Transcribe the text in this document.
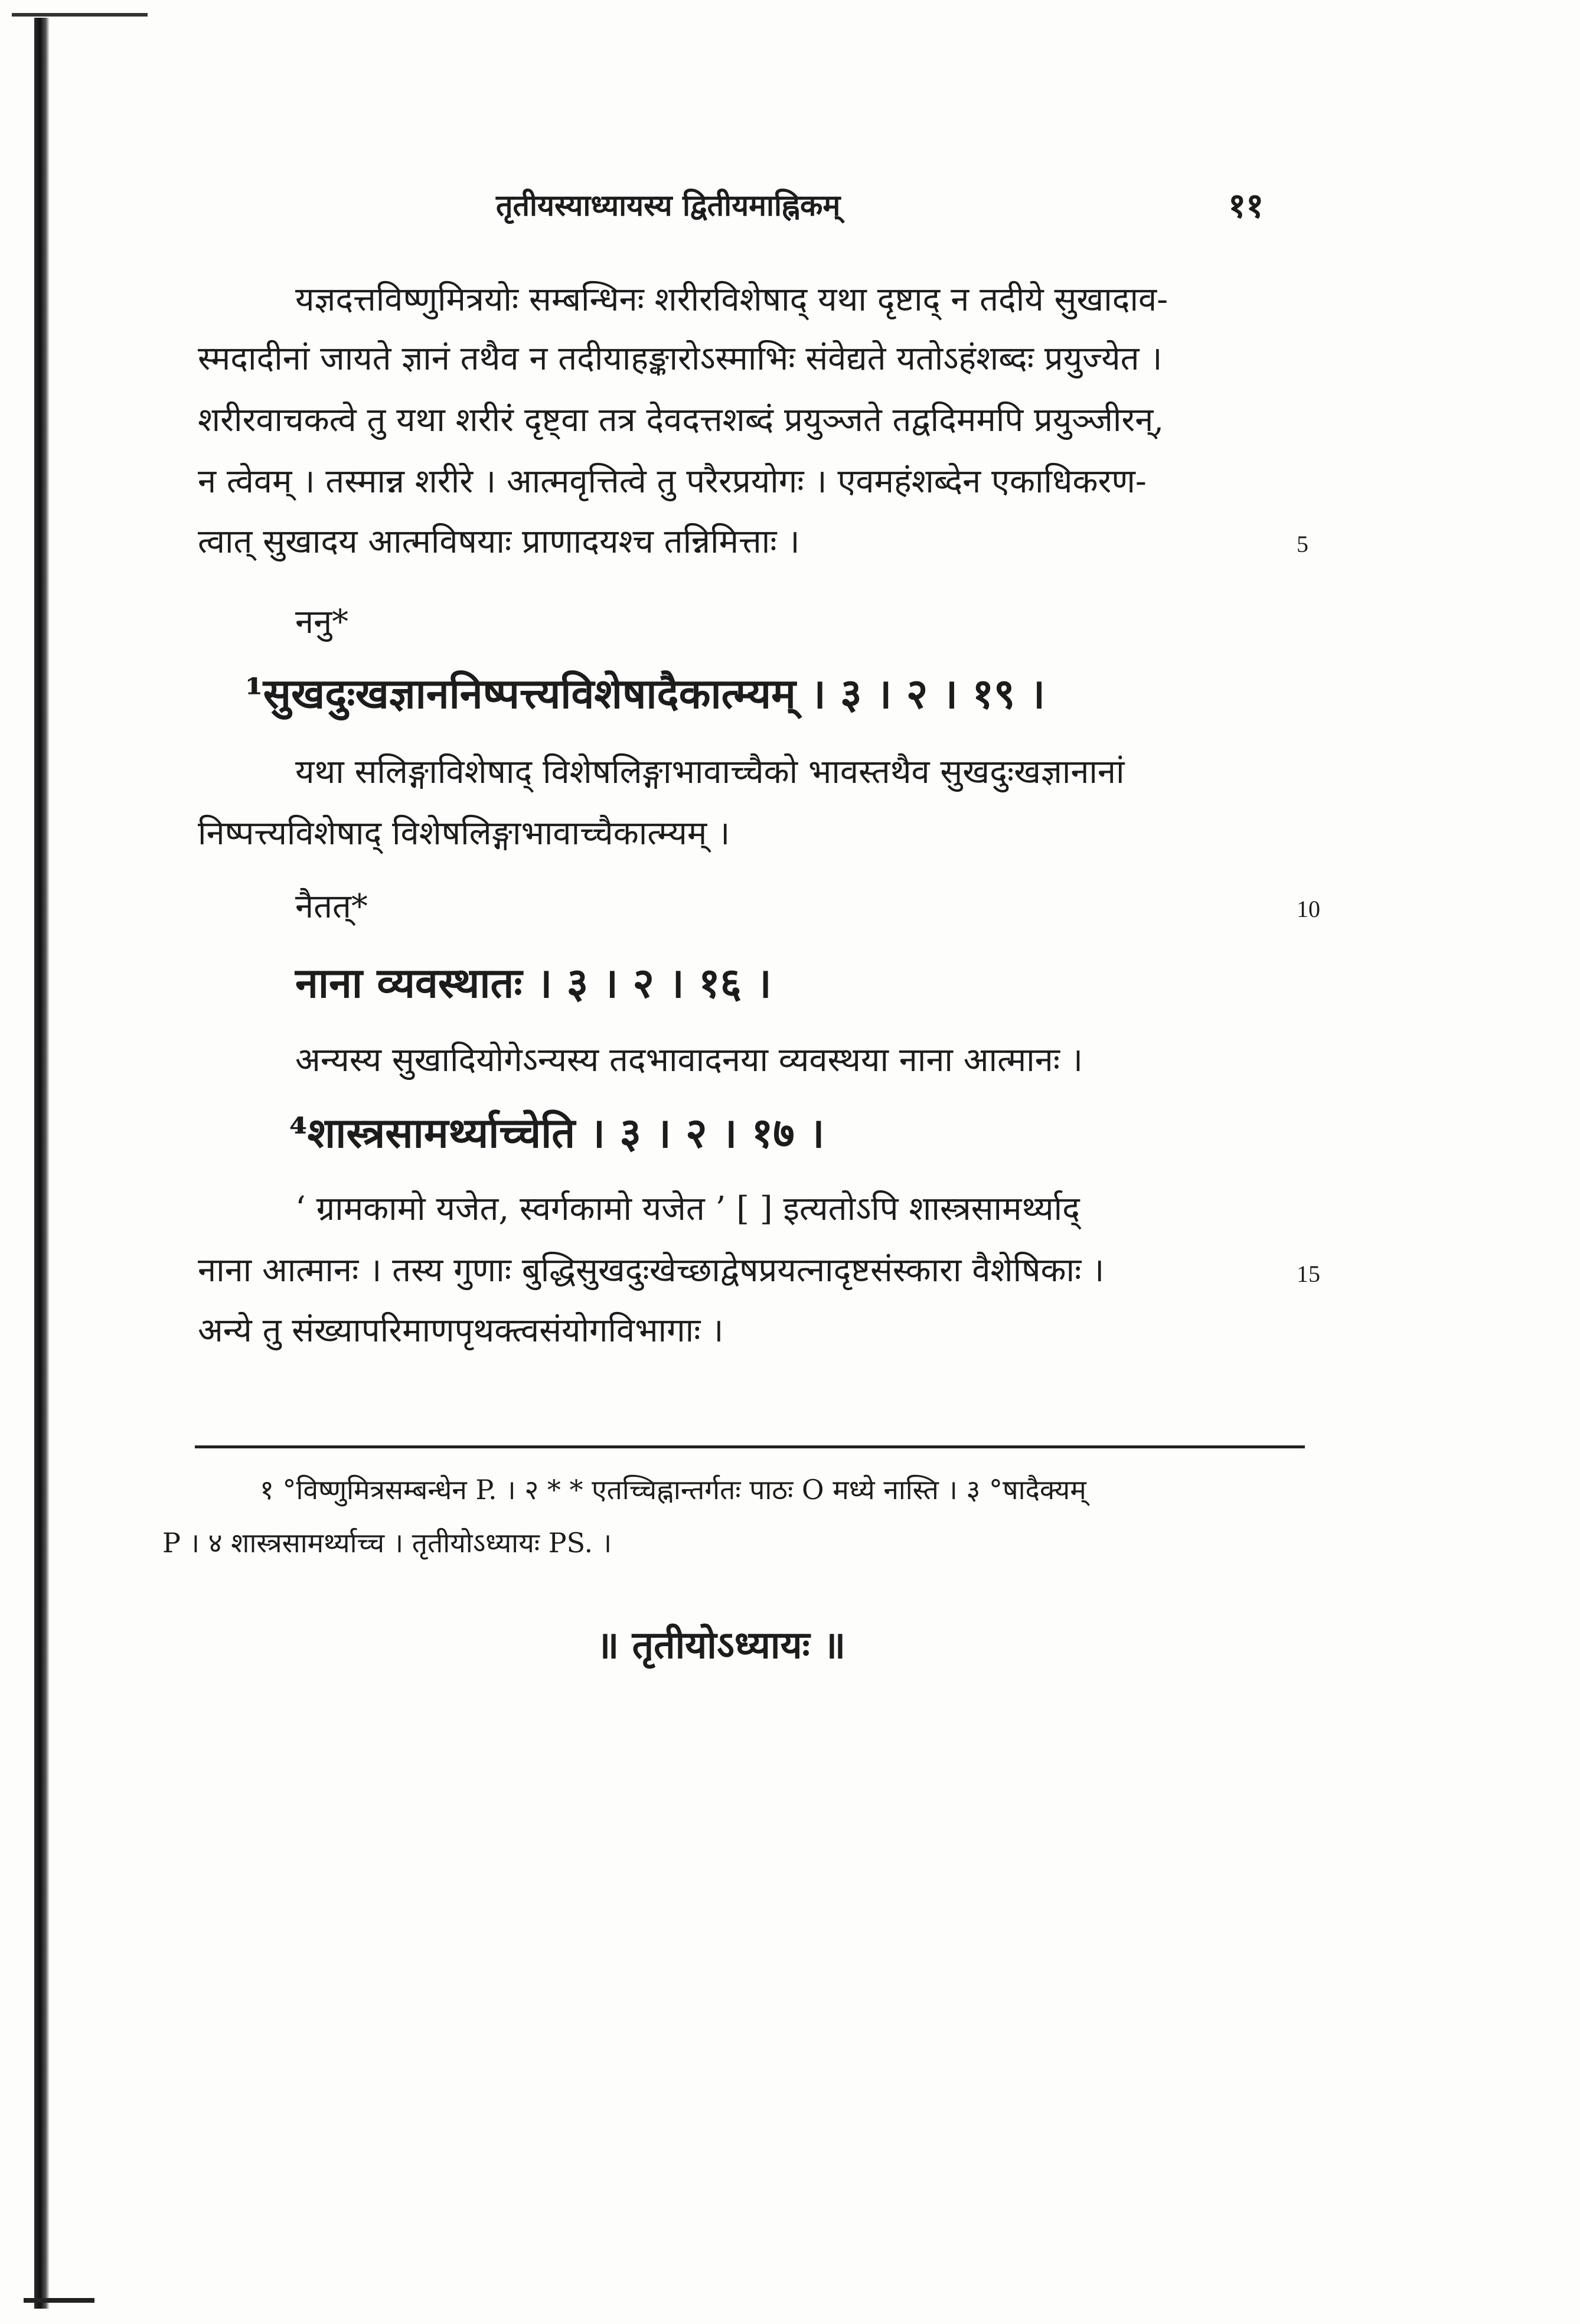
तृतीयस्याध्यायस्य द्वितीयमाह्निकम्	११
यज्ञदत्तविष्णुमित्रयोः सम्बन्धिनः शरीरविशेषाद् यथा दृष्टाद् न तदीये सुखादाव-
स्मदादीनां जायते ज्ञानं तथैव न तदीयाहङ्कारोऽस्माभिः संवेद्यते यतोऽहंशब्दः प्रयुज्येत ।
शरीरवाचकत्वे तु यथा शरीरं दृष्ट्वा तत्र देवदत्तशब्दं प्रयुञ्जते तद्वदिममपि प्रयुञ्जीरन्,
न त्वेवम् । तस्मान्न शरीरे । आत्मवृत्तित्वे तु परैरप्रयोगः । एवमहंशब्देन एकाधिकरण-
त्वात् सुखादय आत्मविषयाः प्राणादयश्च तन्निमित्ताः ।	5
ननु*
¹सुखदुःखज्ञाननिष्पत्त्यविशेषादैकात्म्यम् । ३ । २ । १९ ।
यथा सलिङ्गाविशेषाद् विशेषलिङ्गाभावाच्चैको भावस्तथैव सुखदुःखज्ञानानां
निष्पत्त्यविशेषाद् विशेषलिङ्गाभावाच्चैकात्म्यम् ।
नैतत्*	10
नाना व्यवस्थातः । ३ । २ । १६ ।
अन्यस्य सुखादियोगेऽन्यस्य तदभावादनया व्यवस्थया नाना आत्मानः ।
⁴शास्त्रसामर्थ्याच्चेति । ३ । २ । १७ ।
‘ ग्रामकामो यजेत, स्वर्गकामो यजेत ’ [ ] इत्यतोऽपि शास्त्रसामर्थ्याद्
नाना आत्मानः । तस्य गुणाः बुद्धिसुखदुःखेच्छाद्वेषप्रयत्नादृष्टसंस्कारा वैशेषिकाः ।	15
अन्ये तु संख्यापरिमाणपृथक्त्वसंयोगविभागाः ।
॥ तृतीयोऽध्यायः ॥
१ °विष्णुमित्रसम्बन्धेन P. । २ * * एतच्चिह्नान्तर्गतः पाठः O मध्ये नास्ति । ३ °षादैक्यम्
P । ४ शास्त्रसामर्थ्याच्च । तृतीयोऽध्यायः PS. ।
